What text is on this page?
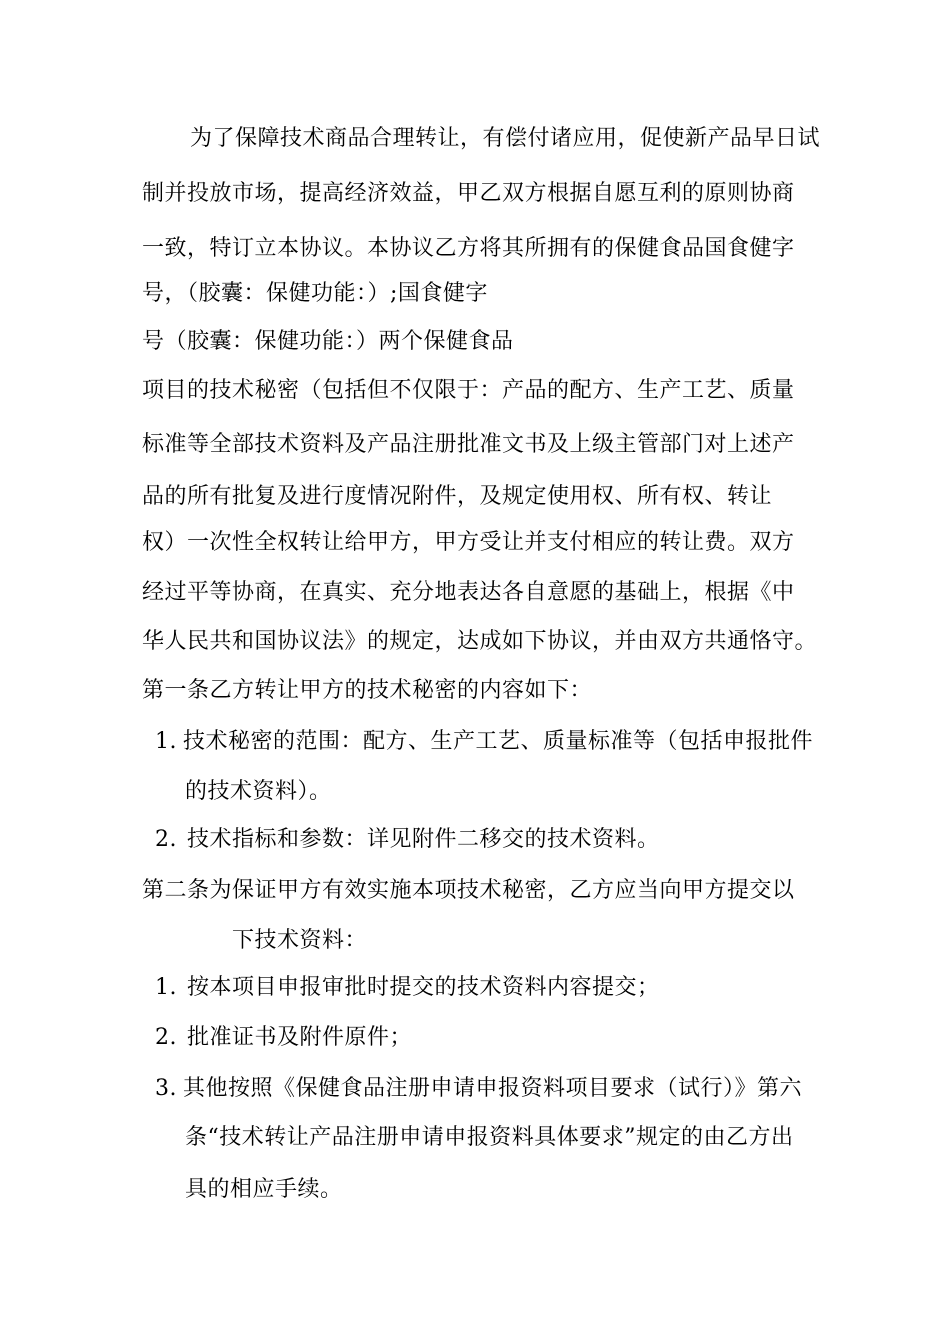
为了保障技术商品合理转让，有偿付诸应用，促使新产品早日试
制并投放市场，提高经济效益，甲乙双方根据自愿互利的原则协商
一致，特订立本协议。本协议乙方将其所拥有的保健食品国食健字
号，（胶囊：保健功能：）;国食健字
号（胶囊：保健功能：）两个保健食品
项目的技术秘密（包括但不仅限于：产品的配方、生产工艺、质量
标准等全部技术资料及产品注册批准文书及上级主管部门对上述产
品的所有批复及进行度情况附件，及规定使用权、所有权、转让
权）一次性全权转让给甲方，甲方受让并支付相应的转让费。双方
经过平等协商，在真实、充分地表达各自意愿的基础上，根据《中
华人民共和国协议法》的规定，达成如下协议，并由双方共通恪守。
第一条乙方转让甲方的技术秘密的内容如下：
1. 技术秘密的范围：配方、生产工艺、质量标准等（包括申报批件
的技术资料）。
2. 技术指标和参数：详见附件二移交的技术资料。
第二条为保证甲方有效实施本项技术秘密，乙方应当向甲方提交以
下技术资料：
1. 按本项目申报审批时提交的技术资料内容提交；
2. 批准证书及附件原件；
3. 其他按照《保健食品注册申请申报资料项目要求（试行）》第六
条“技术转让产品注册申请申报资料具体要求”规定的由乙方出
具的相应手续。
